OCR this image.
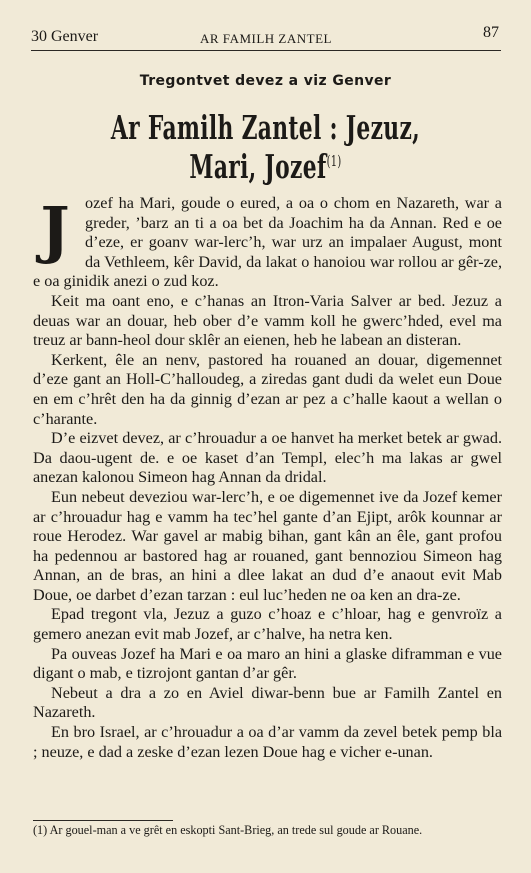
30 Genver	AR FAMILH ZANTEL	87
Tregontvet devez a viz Genver
Ar Familh Zantel : Jezuz, Mari, Jozef$^{(1)}$
J ozef ha Mari, goude o eured, a oa o chom en Nazareth, war a greder, ’barz an ti a oa bet da Joachim ha da Annan. Red e oe d’eze, er goanv war-lerc’h, war urz an impalaer August, mont da Vethleem, kêr David, da lakat o hanoiou war rollou ar gêr-ze, e oa ginidik anezi o zud koz.

Keit ma oant eno, e c’hanas an Itron-Varia Salver ar bed. Jezuz a deuas war an douar, heb ober d’e vamm koll he gwerc’hded, evel ma treuz ar bann-heol dour sklêr an eienen, heb he labean an disteran.

Kerkent, êle an nenv, pastored ha rouaned an douar, digemennet d’eze gant an Holl-C’halloudeg, a ziredas gant dudi da welet eun Doue en em c’hrêt den ha da ginnig d’ezan ar pez a c’halle kaout a wellan o c’harante.

D’e eizvet devez, ar c’hrouadur a oe hanvet ha merket betek ar gwad. Da daou-ugent de. e oe kaset d’an Templ, elec’h ma lakas ar gwel anezan kalonou Simeon hag Annan da dridal.

Eun nebeut deveziou war-lerc’h, e oe digemennet ive da Jozef kemer ar c’hrouadur hag e vamm ha tec’hel gante d’an Ejipt, arôk kounnar ar roue Herodez. War gavel ar mabig bihan, gant kân an êle, gant profou ha pedennou ar bastored hag ar rouaned, gant bennoziou Simeon hag Annan, an de bras, an hini a dlee lakat an dud d’e anaout evit Mab Doue, oe darbet d’ezan tarzan : eul luc’heden ne oa ken an dra-ze.

Epad tregont vla, Jezuz a guzo c’hoaz e c’hloar, hag e genvroïz a gemero anezan evit mab Jozef, ar c’halve, ha netra ken.

Pa ouveas Jozef ha Mari e oa maro an hini a glaske diframman e vue digant o mab, e tizrojont gantan d’ar gêr.

Nebeut a dra a zo en Aviel diwar-benn bue ar Familh Zantel en Nazareth.

En bro Israel, ar c’hrouadur a oa d’ar vamm da zevel betek pemp bla ; neuze, e dad a zeske d’ezan lezen Doue hag e vicher e-unan.

(1) Ar gouel-man a ve grêt en eskopti Sant-Brieg, an trede sul goude ar Rouane.
